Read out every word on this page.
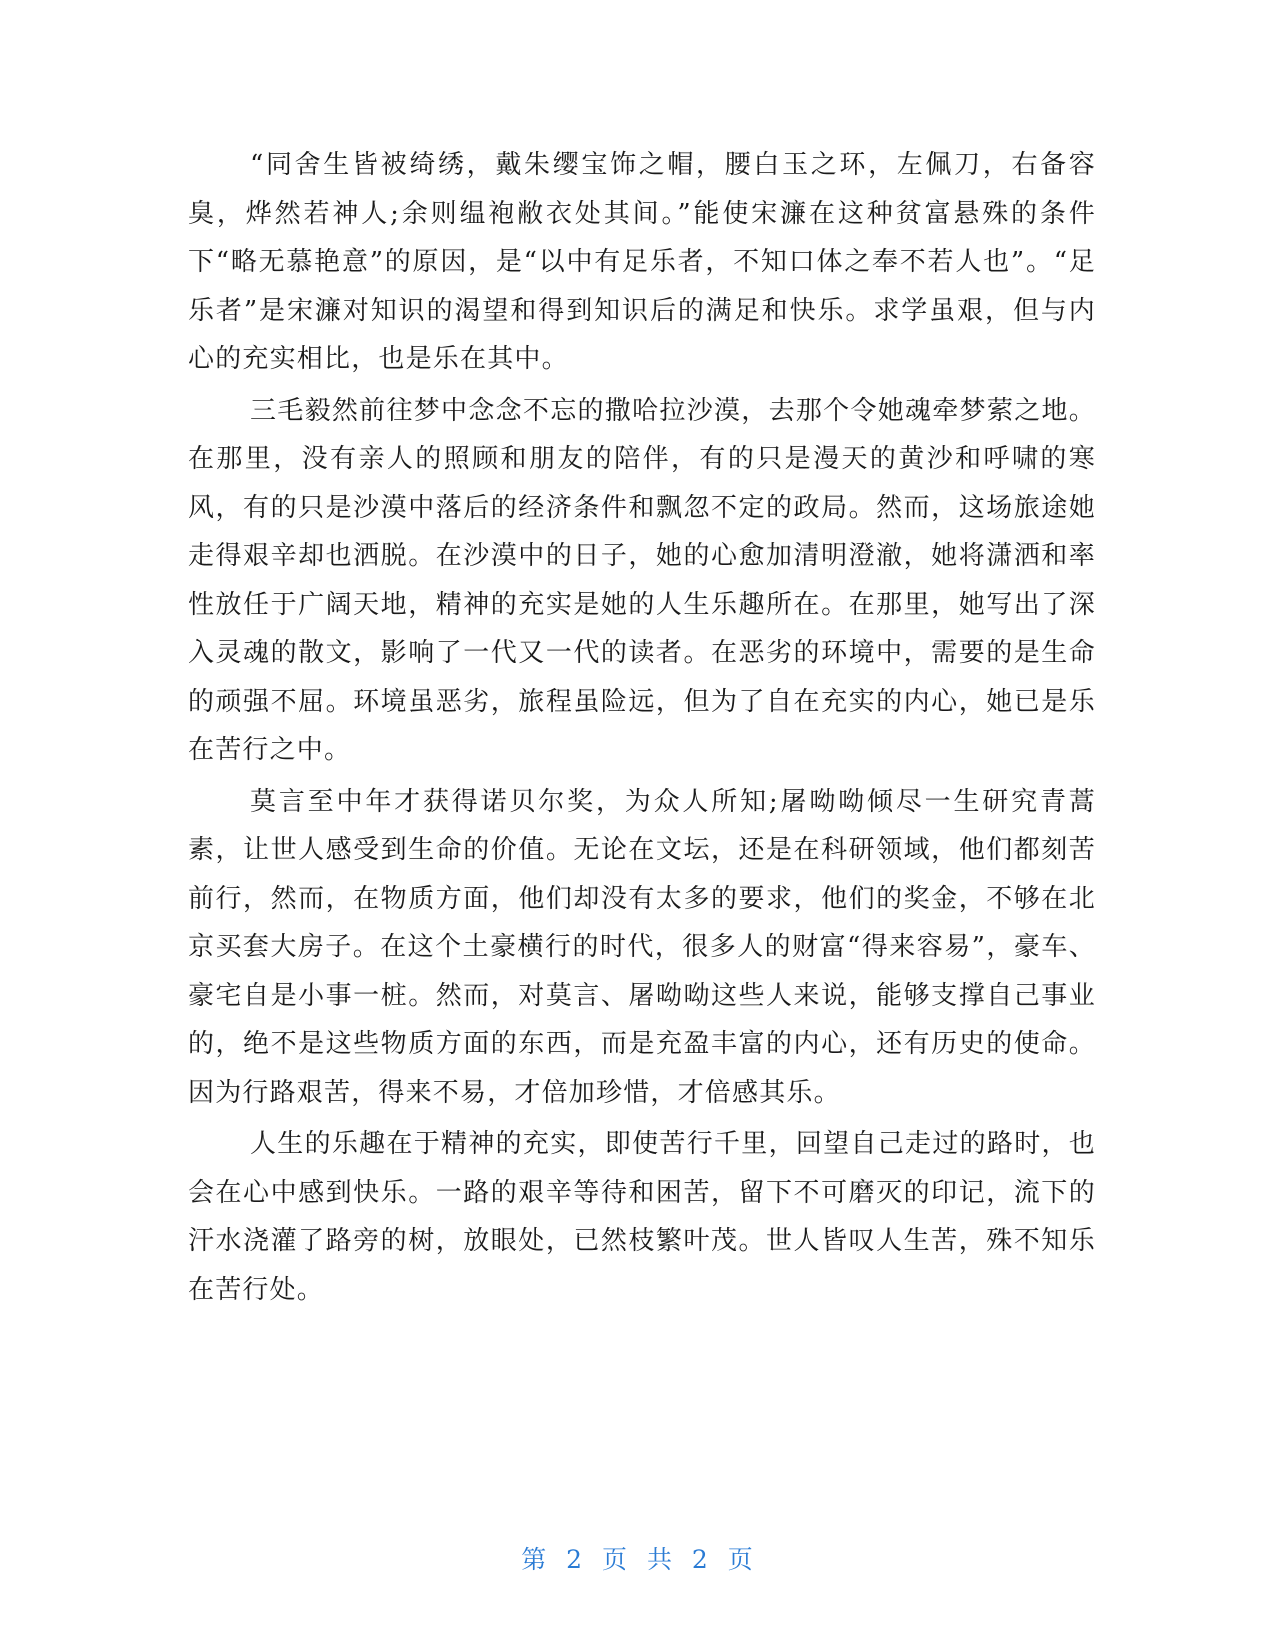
“同舍生皆被绮绣，戴朱缨宝饰之帽，腰白玉之环，左佩刀，右备容臭，烨然若神人;余则缊袍敝衣处其间。”能使宋濂在这种贫富悬殊的条件下“略无慕艳意”的原因，是“以中有足乐者，不知口体之奉不若人也”。“足乐者”是宋濂对知识的渴望和得到知识后的满足和快乐。求学虽艰，但与内心的充实相比，也是乐在其中。

三毛毅然前往梦中念念不忘的撒哈拉沙漠，去那个令她魂牵梦萦之地。在那里，没有亲人的照顾和朋友的陪伴，有的只是漫天的黄沙和呼啸的寒风，有的只是沙漠中落后的经济条件和飘忽不定的政局。然而，这场旅途她走得艰辛却也洒脱。在沙漠中的日子，她的心愈加清明澄澈，她将潇洒和率性放任于广阔天地，精神的充实是她的人生乐趣所在。在那里，她写出了深入灵魂的散文，影响了一代又一代的读者。在恶劣的环境中，需要的是生命的顽强不屈。环境虽恶劣，旅程虽险远，但为了自在充实的内心，她已是乐在苦行之中。

莫言至中年才获得诺贝尔奖，为众人所知;屠呦呦倾尽一生研究青蒿素，让世人感受到生命的价值。无论在文坛，还是在科研领域，他们都刻苦前行，然而，在物质方面，他们却没有太多的要求，他们的奖金，不够在北京买套大房子。在这个土豪横行的时代，很多人的财富“得来容易”，豪车、豪宅自是小事一桩。然而，对莫言、屠呦呦这些人来说，能够支撑自己事业的，绝不是这些物质方面的东西，而是充盈丰富的内心，还有历史的使命。因为行路艰苦，得来不易，才倍加珍惜，才倍感其乐。

人生的乐趣在于精神的充实，即使苦行千里，回望自己走过的路时，也会在心中感到快乐。一路的艰辛等待和困苦，留下不可磨灭的印记，流下的汗水浇灌了路旁的树，放眼处，已然枝繁叶茂。世人皆叹人生苦，殊不知乐在苦行处。

第 2 页 共 2 页
